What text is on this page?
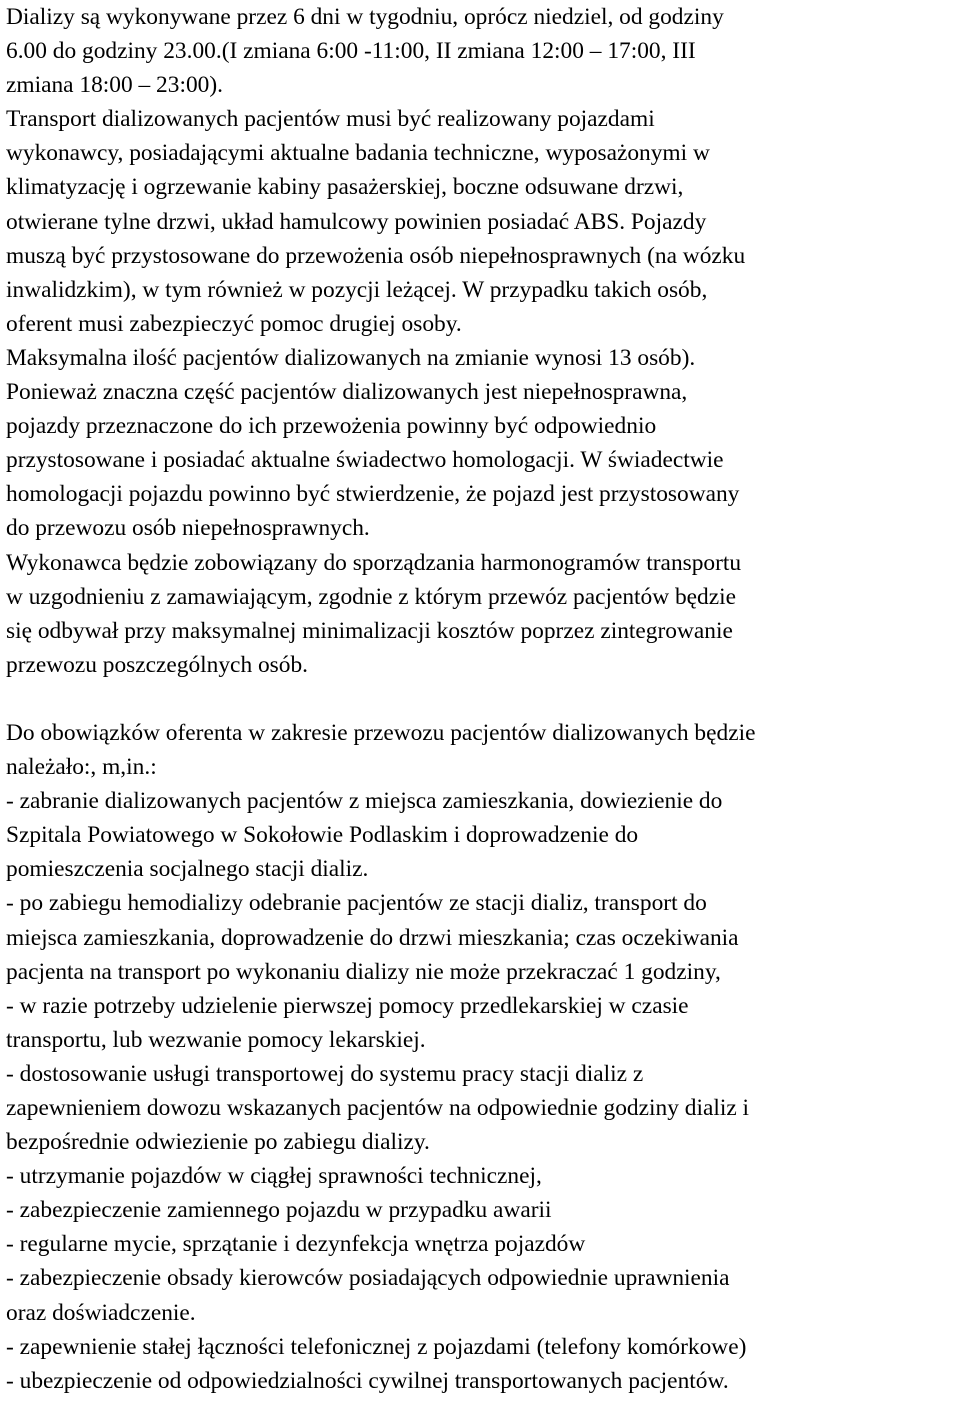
Dializy są wykonywane przez 6 dni w tygodniu, oprócz niedziel, od godziny
6.00 do godziny 23.00.(I zmiana 6:00 -11:00, II zmiana 12:00 – 17:00, III
zmiana 18:00 – 23:00).
Transport dializowanych pacjentów musi być realizowany pojazdami
wykonawcy, posiadającymi aktualne badania techniczne, wyposażonymi w
klimatyzację i ogrzewanie kabiny pasażerskiej, boczne odsuwane drzwi,
otwierane tylne drzwi, układ hamulcowy powinien posiadać ABS. Pojazdy
muszą być przystosowane do przewożenia osób niepełnosprawnych (na wózku
inwalidzkim), w tym również w pozycji leżącej. W przypadku takich osób,
oferent musi zabezpieczyć pomoc drugiej osoby.
Maksymalna ilość pacjentów dializowanych na zmianie wynosi 13 osób).
Ponieważ znaczna część pacjentów dializowanych jest niepełnosprawna,
pojazdy przeznaczone do ich przewożenia powinny być odpowiednio
przystosowane i posiadać aktualne świadectwo homologacji. W świadectwie
homologacji pojazdu powinno być stwierdzenie, że pojazd jest przystosowany
do przewozu osób niepełnosprawnych.
Wykonawca będzie zobowiązany do sporządzania harmonogramów transportu
w uzgodnieniu z zamawiającym, zgodnie z którym przewóz pacjentów będzie
się odbywał przy maksymalnej minimalizacji kosztów poprzez zintegrowanie
przewozu poszczególnych osób.
Do obowiązków oferenta w zakresie przewozu pacjentów dializowanych będzie
należało:, m,in.:
- zabranie dializowanych pacjentów z miejsca zamieszkania, dowiezienie do
Szpitala Powiatowego w Sokołowie Podlaskim i doprowadzenie do
pomieszczenia socjalnego stacji dializ.
- po zabiegu hemodializy odebranie pacjentów ze stacji dializ, transport do
miejsca zamieszkania, doprowadzenie do drzwi mieszkania; czas oczekiwania
pacjenta na transport po wykonaniu dializy nie może przekraczać 1 godziny,
- w razie potrzeby udzielenie pierwszej pomocy przedlekarskiej w czasie
transportu, lub wezwanie pomocy lekarskiej.
- dostosowanie usługi transportowej do systemu pracy stacji dializ z
zapewnieniem dowozu wskazanych pacjentów na odpowiednie godziny dializ i
bezpośrednie odwiezienie po zabiegu dializy.
- utrzymanie pojazdów w ciągłej sprawności technicznej,
- zabezpieczenie zamiennego pojazdu w przypadku awarii
- regularne mycie, sprzątanie i dezynfekcja wnętrza pojazdów
- zabezpieczenie obsady kierowców posiadających odpowiednie uprawnienia
oraz doświadczenie.
- zapewnienie stałej łączności telefonicznej z pojazdami (telefony komórkowe)
- ubezpieczenie od odpowiedzialności cywilnej transportowanych pacjentów.
